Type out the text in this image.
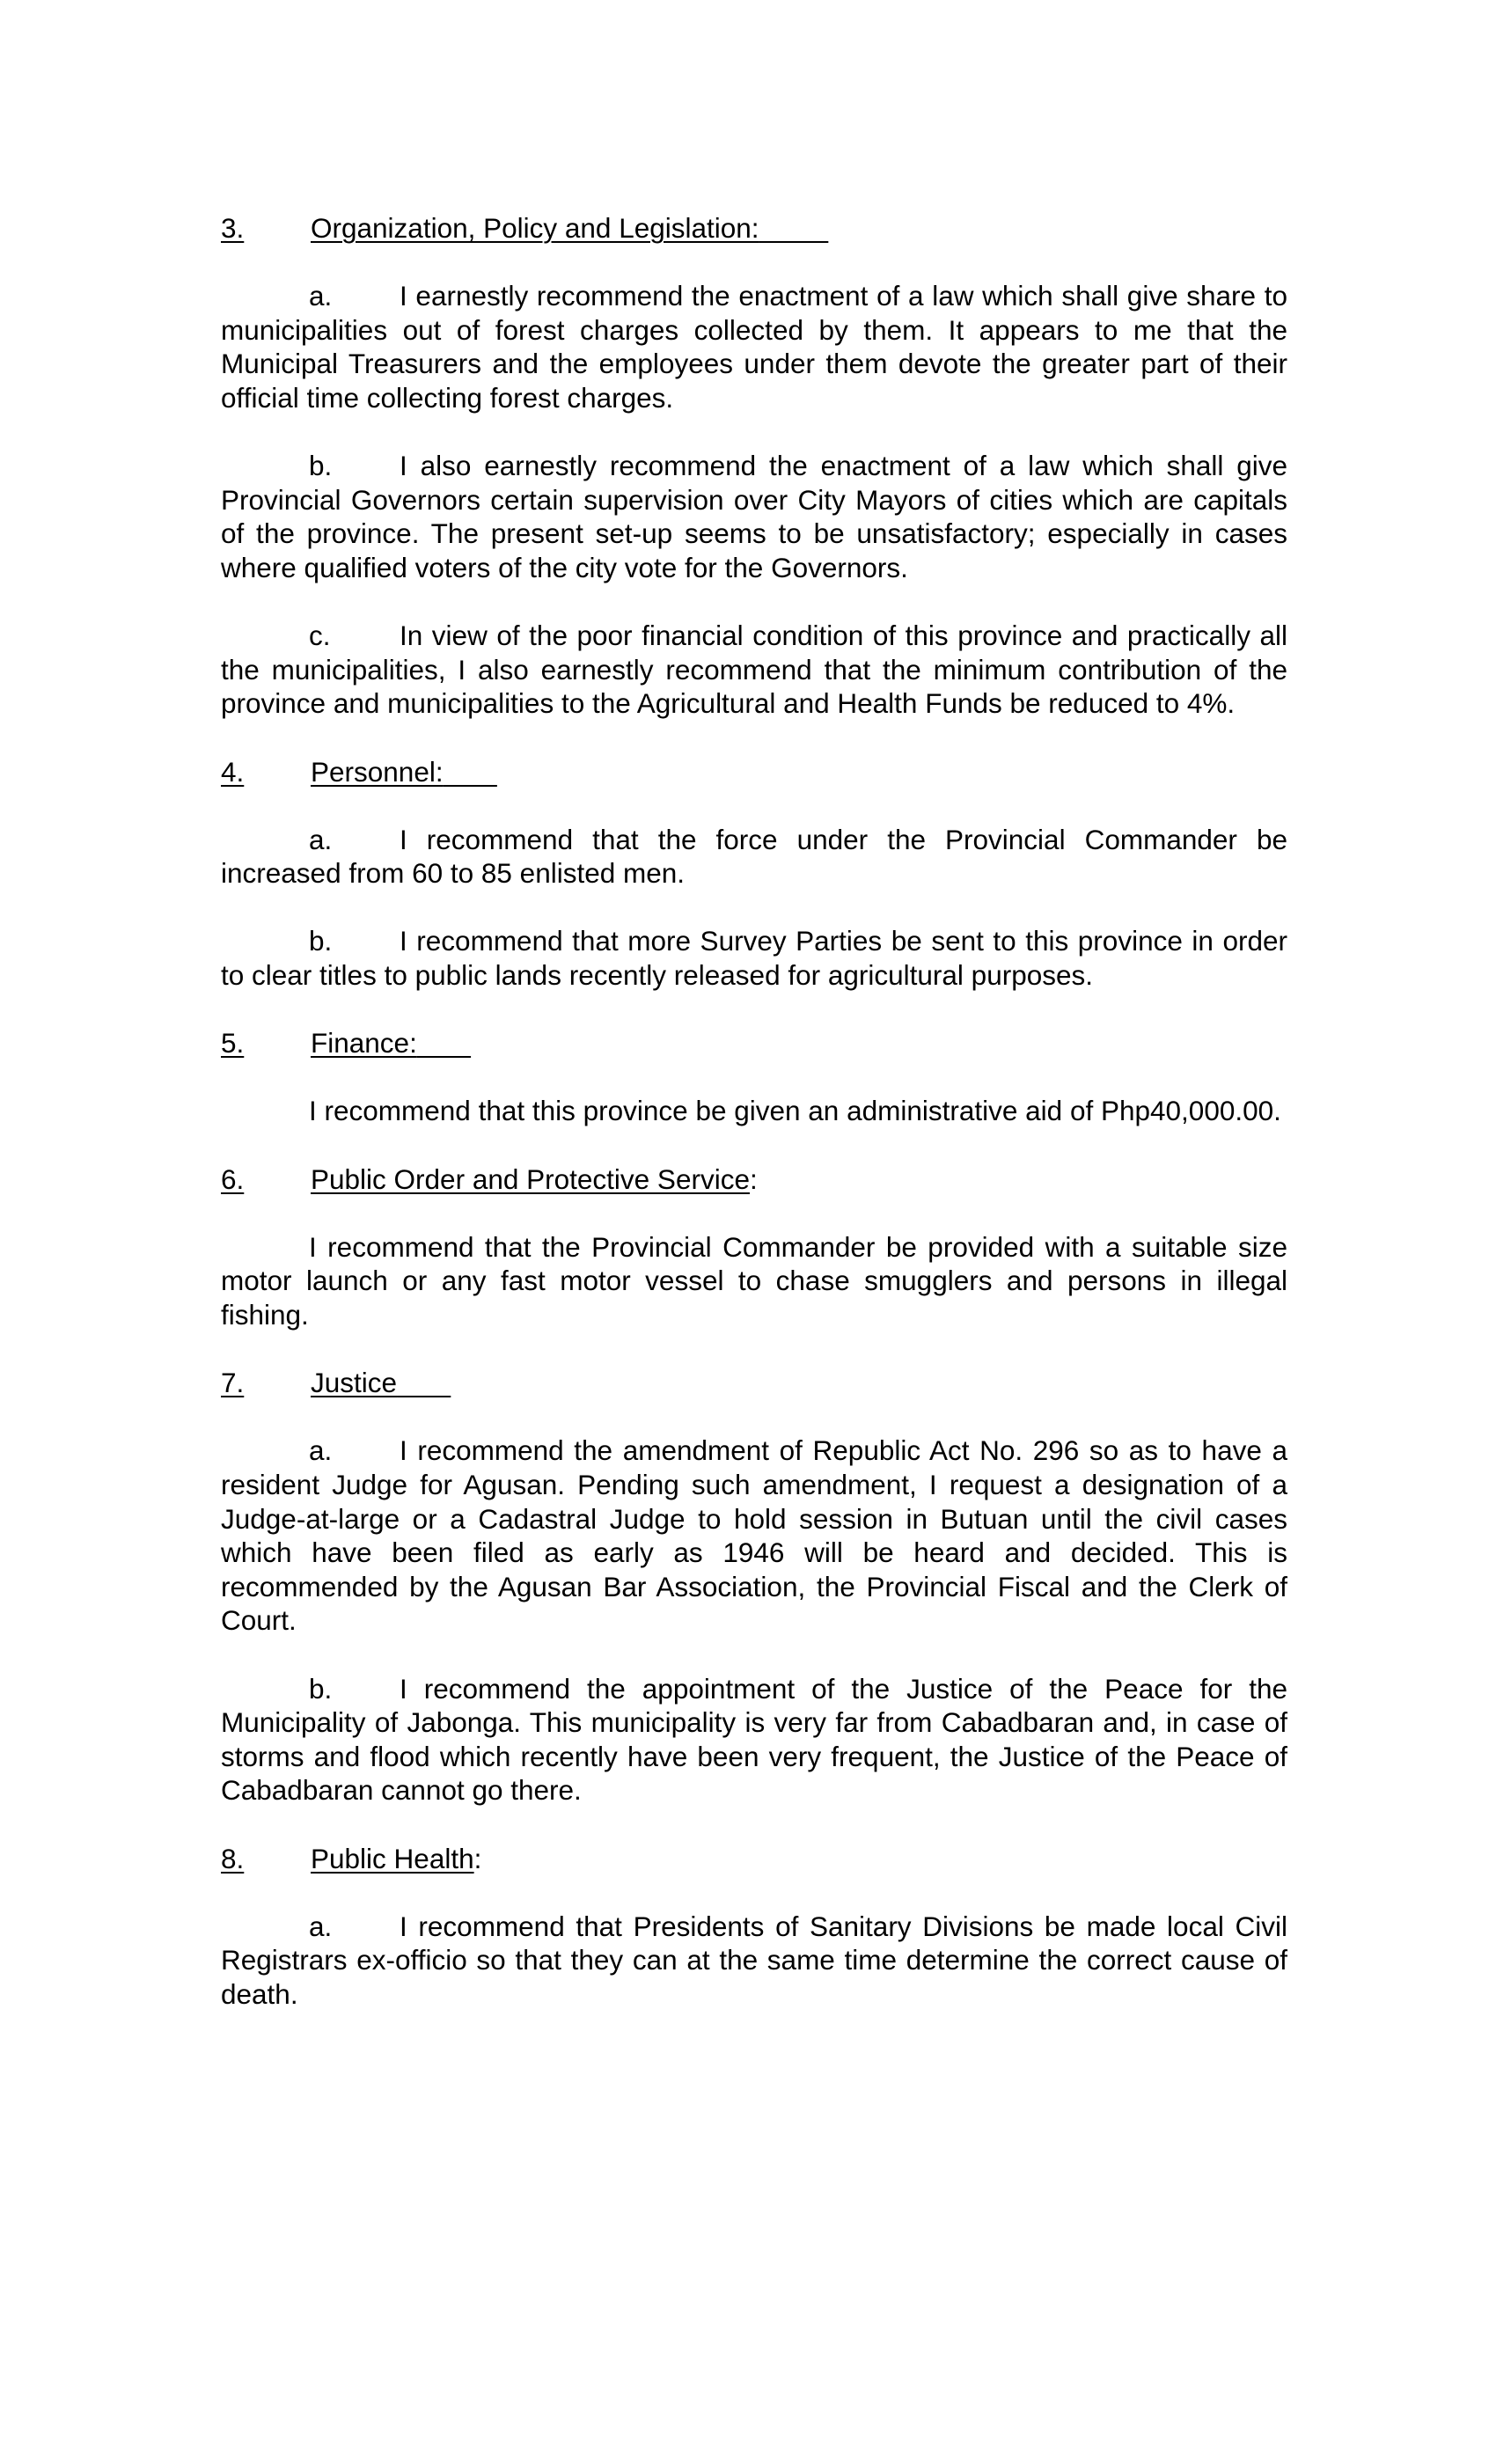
3. Organization, Policy and Legislation:

a. I earnestly recommend the enactment of a law which shall give share to municipalities out of forest charges collected by them. It appears to me that the Municipal Treasurers and the employees under them devote the greater part of their official time collecting forest charges.

b. I also earnestly recommend the enactment of a law which shall give Provincial Governors certain supervision over City Mayors of cities which are capitals of the province. The present set-up seems to be unsatisfactory; especially in cases where qualified voters of the city vote for the Governors.

c. In view of the poor financial condition of this province and practically all the municipalities, I also earnestly recommend that the minimum contribution of the province and municipalities to the Agricultural and Health Funds be reduced to 4%.

4. Personnel:

a. I recommend that the force under the Provincial Commander be increased from 60 to 85 enlisted men.

b. I recommend that more Survey Parties be sent to this province in order to clear titles to public lands recently released for agricultural purposes.

5. Finance:

I recommend that this province be given an administrative aid of Php40,000.00.

6. Public Order and Protective Service:

I recommend that the Provincial Commander be provided with a suitable size motor launch or any fast motor vessel to chase smugglers and persons in illegal fishing.

7. Justice

a. I recommend the amendment of Republic Act No. 296 so as to have a resident Judge for Agusan. Pending such amendment, I request a designation of a Judge-at-large or a Cadastral Judge to hold session in Butuan until the civil cases which have been filed as early as 1946 will be heard and decided. This is recommended by the Agusan Bar Association, the Provincial Fiscal and the Clerk of Court.

b. I recommend the appointment of the Justice of the Peace for the Municipality of Jabonga. This municipality is very far from Cabadbaran and, in case of storms and flood which recently have been very frequent, the Justice of the Peace of Cabadbaran cannot go there.

8. Public Health:

a. I recommend that Presidents of Sanitary Divisions be made local Civil Registrars ex-officio so that they can at the same time determine the correct cause of death.
